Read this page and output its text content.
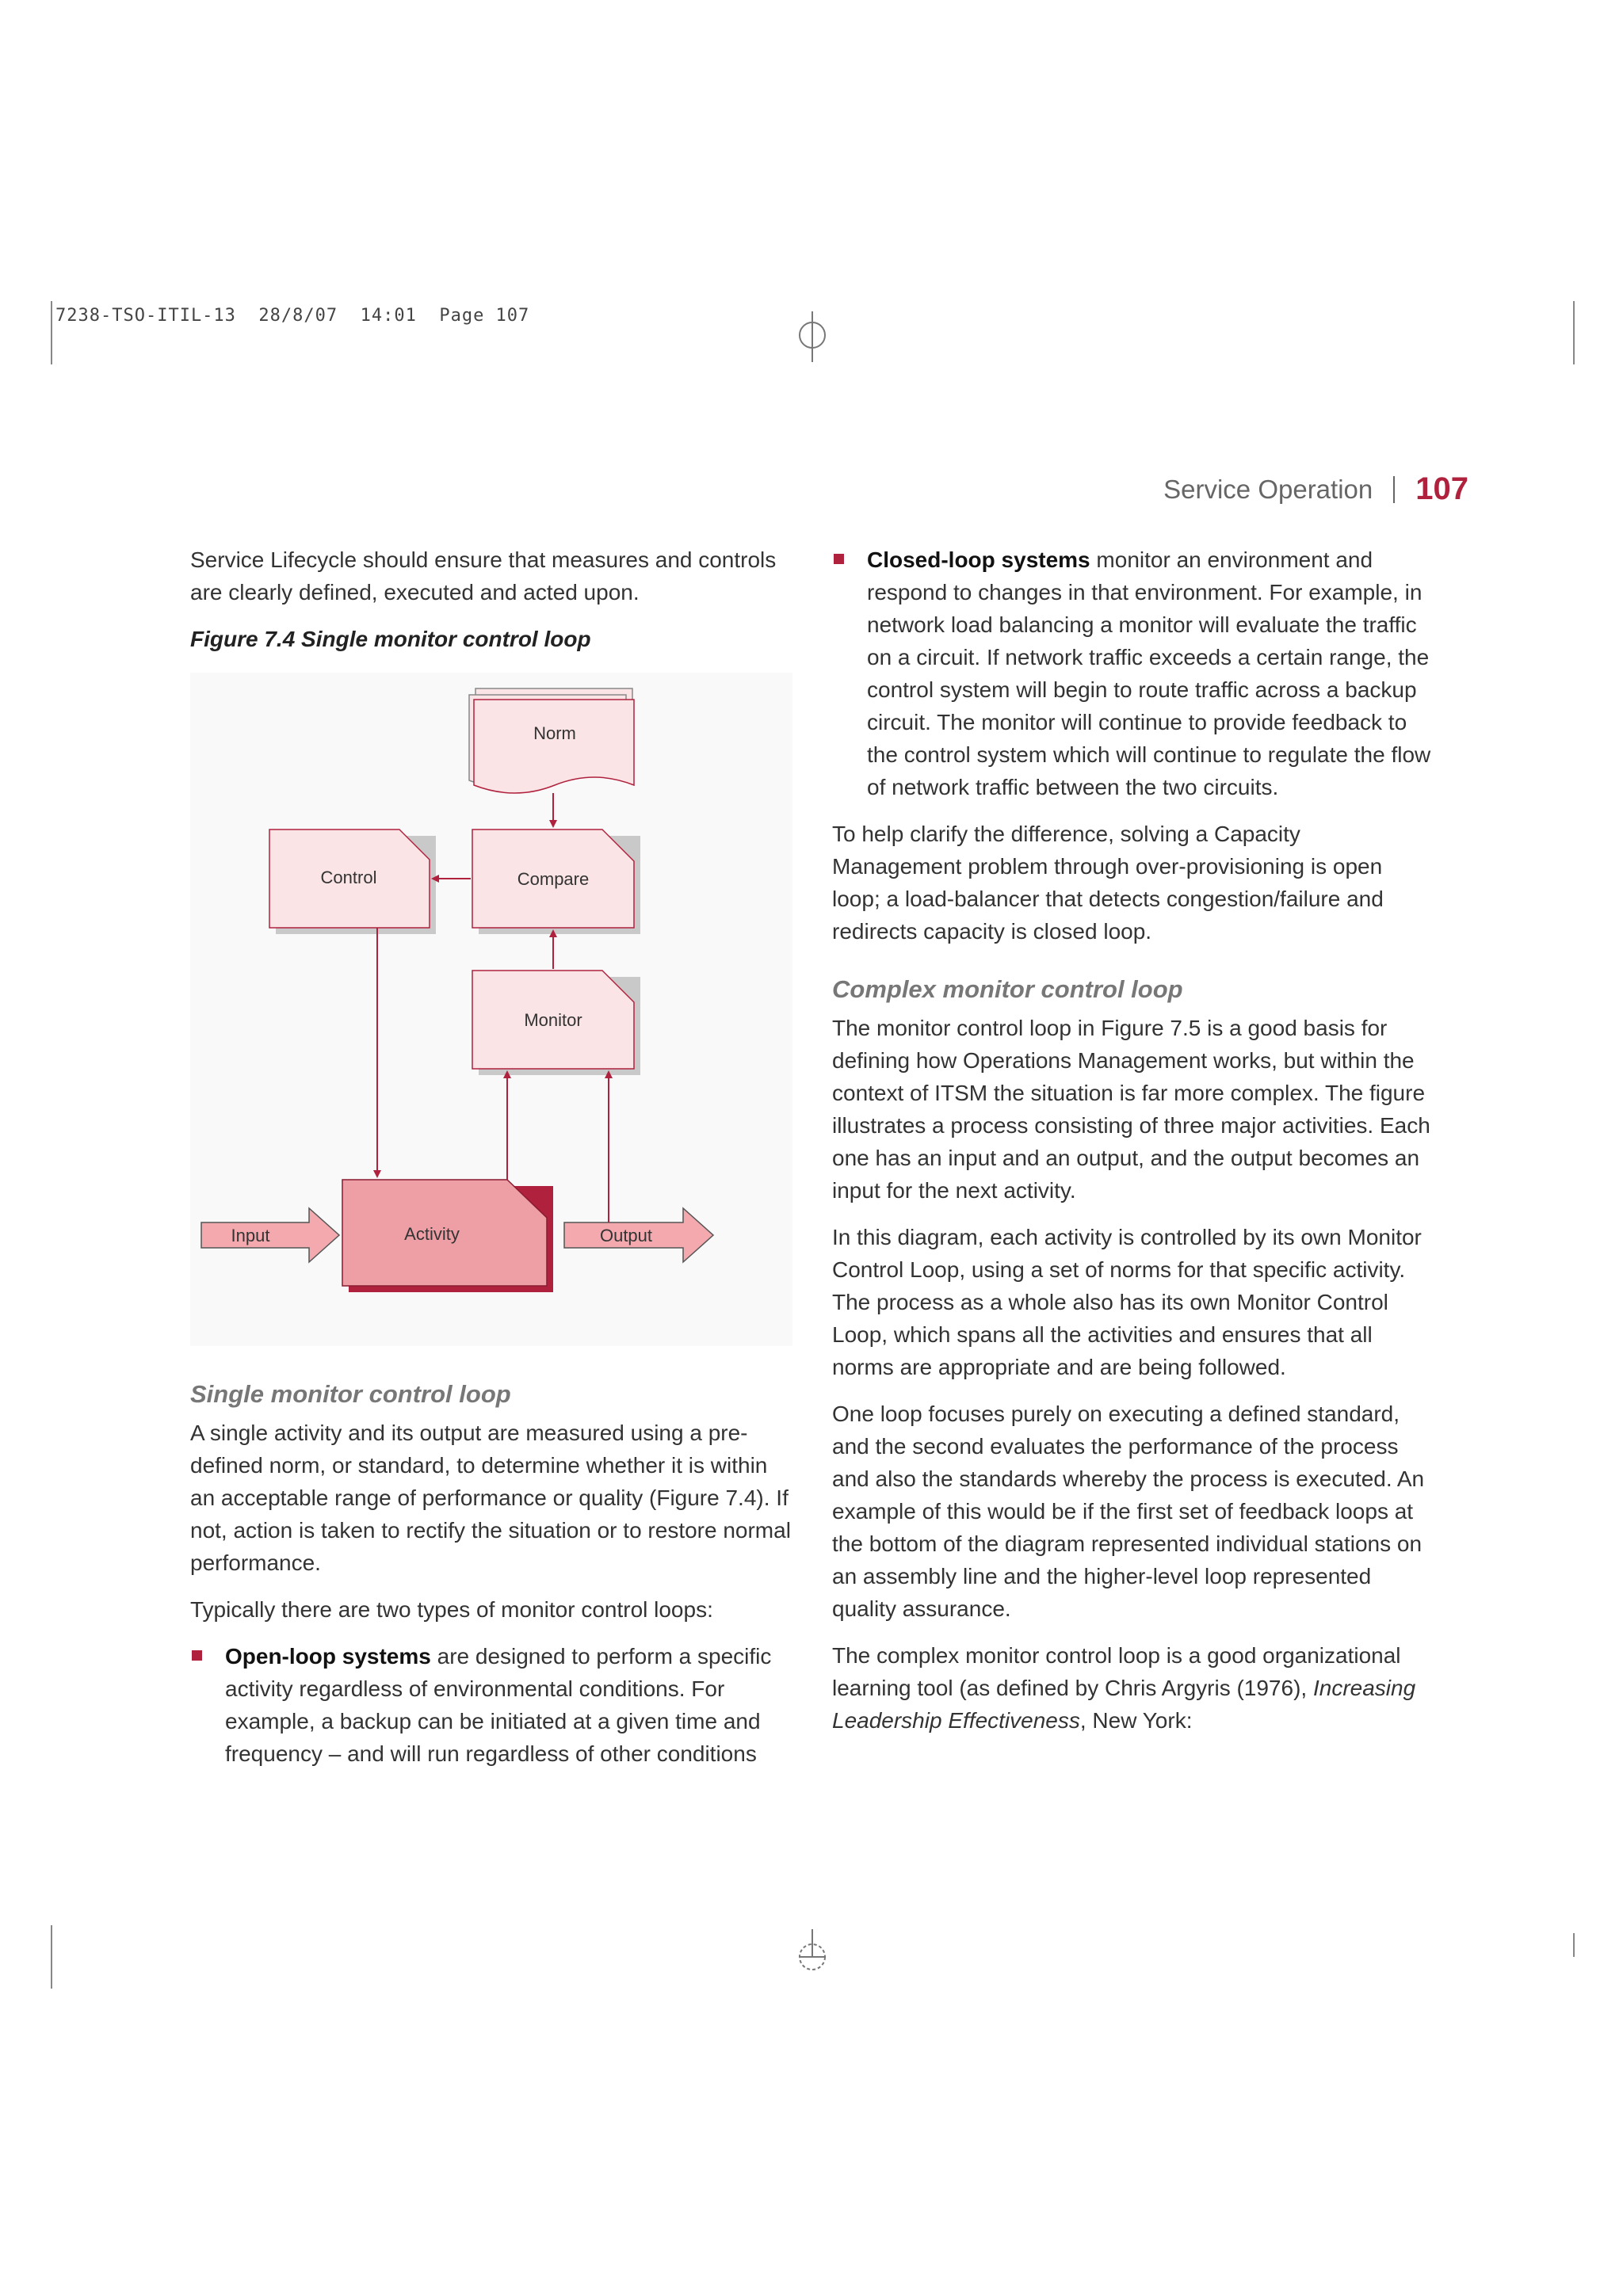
7238-TSO-ITIL-13  28/8/07  14:01  Page 107
Service Operation 107

Service Lifecycle should ensure that measures and controls are clearly defined, executed and acted upon.

Figure 7.4 Single monitor control loop
Norm
Compare
Control
Monitor
Activity
Input	Output
Single monitor control loop

A single activity and its output are measured using a pre-defined norm, or standard, to determine whether it is within an acceptable range of performance or quality (Figure 7.4). If not, action is taken to rectify the situation or to restore normal performance.

Typically there are two types of monitor control loops:

Open-loop systems are designed to perform a specific activity regardless of environmental conditions. For example, a backup can be initiated at a given time and frequency – and will run regardless of other conditions
Closed-loop systems monitor an environment and respond to changes in that environment. For example, in network load balancing a monitor will evaluate the traffic on a circuit. If network traffic exceeds a certain range, the control system will begin to route traffic across a backup circuit. The monitor will continue to provide feedback to the control system which will continue to regulate the flow of network traffic between the two circuits.

To help clarify the difference, solving a Capacity Management problem through over-provisioning is open loop; a load-balancer that detects congestion/failure and redirects capacity is closed loop.

Complex monitor control loop

The monitor control loop in Figure 7.5 is a good basis for defining how Operations Management works, but within the context of ITSM the situation is far more complex. The figure illustrates a process consisting of three major activities. Each one has an input and an output, and the output becomes an input for the next activity.

In this diagram, each activity is controlled by its own Monitor Control Loop, using a set of norms for that specific activity. The process as a whole also has its own Monitor Control Loop, which spans all the activities and ensures that all norms are appropriate and are being followed.

One loop focuses purely on executing a defined standard, and the second evaluates the performance of the process and also the standards whereby the process is executed. An example of this would be if the first set of feedback loops at the bottom of the diagram represented individual stations on an assembly line and the higher-level loop represented quality assurance.

The complex monitor control loop is a good organizational learning tool (as defined by Chris Argyris (1976), Increasing Leadership Effectiveness, New York:
